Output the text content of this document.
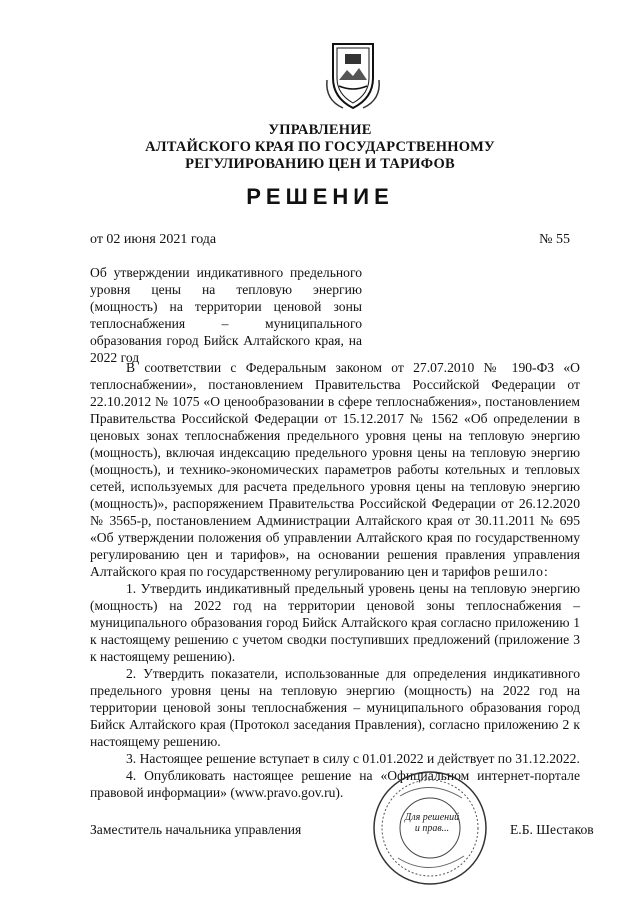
УПРАВЛЕНИЕ
АЛТАЙСКОГО КРАЯ ПО ГОСУДАРСТВЕННОМУ
РЕГУЛИРОВАНИЮ ЦЕН И ТАРИФОВ
РЕШЕНИЕ
от 02 июня 2021 года	№ 55
Об утверждении индикативного предельного уровня цены на тепловую энергию (мощность) на территории ценовой зоны теплоснабжения – муниципального образования город Бийск Алтайского края, на 2022 год

В соответствии с Федеральным законом от 27.07.2010 № 190-ФЗ «О теплоснабжении», постановлением Правительства Российской Федерации от 22.10.2012 № 1075 «О ценообразовании в сфере теплоснабжения», постановлением Правительства Российской Федерации от 15.12.2017 № 1562 «Об определении в ценовых зонах теплоснабжения предельного уровня цены на тепловую энергию (мощность), включая индексацию предельного уровня цены на тепловую энергию (мощность), и технико-экономических параметров работы котельных и тепловых сетей, используемых для расчета предельного уровня цены на тепловую энергию (мощность)», распоряжением Правительства Российской Федерации от 26.12.2020 № 3565-р, постановлением Администрации Алтайского края от 30.11.2011 № 695 «Об утверждении положения об управлении Алтайского края по государственному регулированию цен и тарифов», на основании решения правления управления Алтайского края по государственному регулированию цен и тарифов решило:

1. Утвердить индикативный предельный уровень цены на тепловую энергию (мощность) на 2022 год на территории ценовой зоны теплоснабжения – муниципального образования город Бийск Алтайского края согласно приложению 1 к настоящему решению с учетом сводки поступивших предложений (приложение 3 к настоящему решению).

2. Утвердить показатели, использованные для определения индикативного предельного уровня цены на тепловую энергию (мощность) на 2022 год на территории ценовой зоны теплоснабжения – муниципального образования город Бийск Алтайского края (Протокол заседания Правления), согласно приложению 2 к настоящему решению.

3. Настоящее решение вступает в силу с 01.01.2022 и действует по 31.12.2022.

4. Опубликовать настоящее решение на «Официальном интернет-портале правовой информации» (www.pravo.gov.ru).

Для решений и прав...
Заместитель начальника управления	Е.Б. Шестаков
